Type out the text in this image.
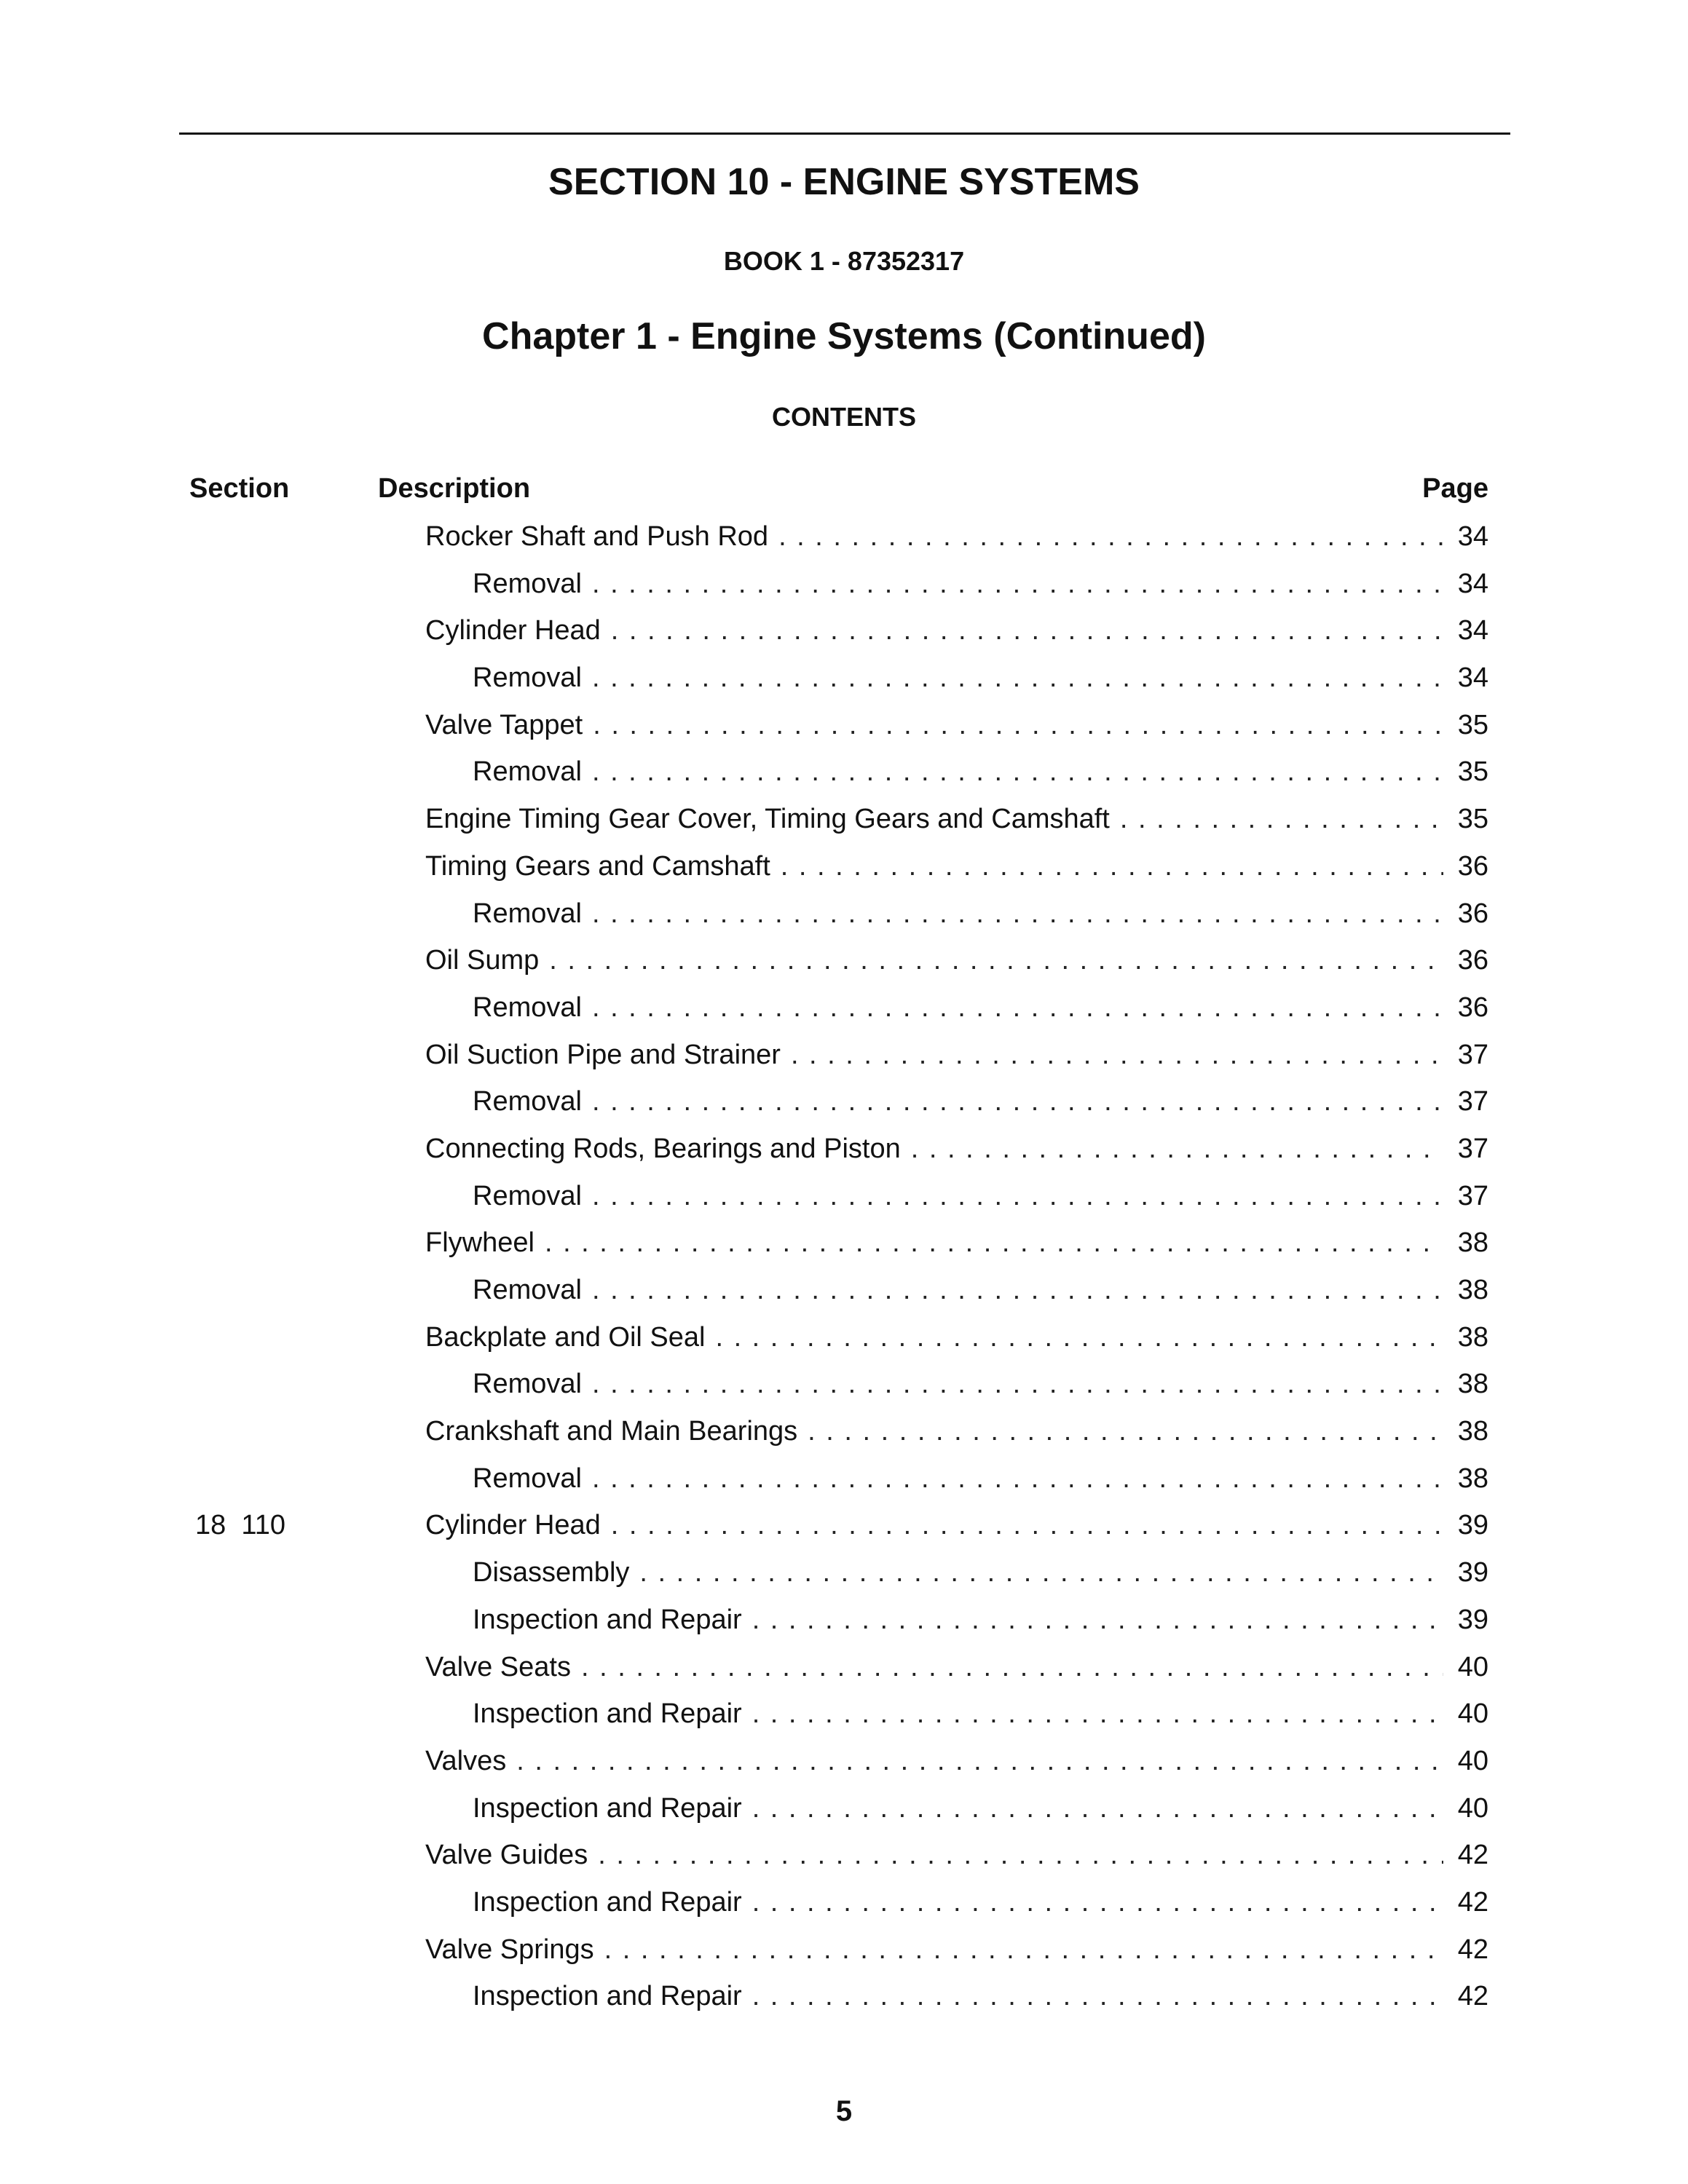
SECTION 10 - ENGINE SYSTEMS
BOOK 1 - 87352317
Chapter 1 - Engine Systems (Continued)
CONTENTS
Section	Description	Page
Rocker Shaft and Push Rod . . .	34
Removal . . .	34
Cylinder Head . . .	34
Removal . . .	34
Valve Tappet . . .	35
Removal . . .	35
Engine Timing Gear Cover, Timing Gears and Camshaft . . .	35
Timing Gears and Camshaft . . .	36
Removal . . .	36
Oil Sump . . .	36
Removal . . .	36
Oil Suction Pipe and Strainer . . .	37
Removal . . .	37
Connecting Rods, Bearings and Piston . . .	37
Removal . . .	37
Flywheel . . .	38
Removal . . .	38
Backplate and Oil Seal . . .	38
Removal . . .	38
Crankshaft and Main Bearings . . .	38
Removal . . .	38
18  110	Cylinder Head . . .	39
Disassembly . . .	39
Inspection and Repair . . .	39
Valve Seats . . .	40
Inspection and Repair . . .	40
Valves . . .	40
Inspection and Repair . . .	40
Valve Guides . . .	42
Inspection and Repair . . .	42
Valve Springs . . .	42
Inspection and Repair . . .	42
5
